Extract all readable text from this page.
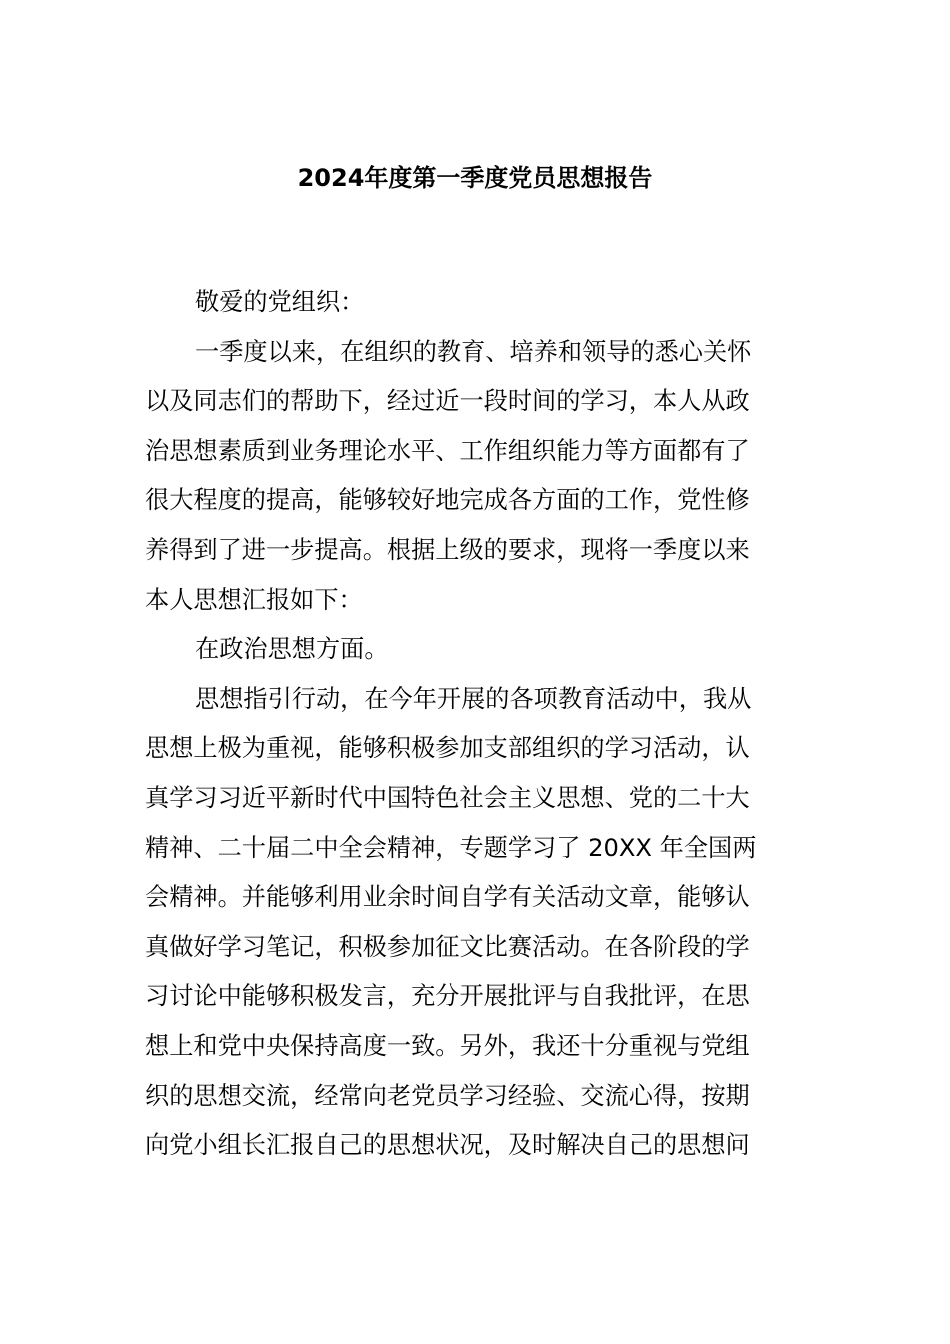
2024年度第一季度党员思想报告
敬爱的党组织：
一季度以来，在组织的教育、培养和领导的悉心关怀
以及同志们的帮助下，经过近一段时间的学习，本人从政
治思想素质到业务理论水平、工作组织能力等方面都有了
很大程度的提高，能够较好地完成各方面的工作，党性修
养得到了进一步提高。根据上级的要求，现将一季度以来
本人思想汇报如下：
在政治思想方面。
思想指引行动，在今年开展的各项教育活动中，我从
思想上极为重视，能够积极参加支部组织的学习活动，认
真学习习近平新时代中国特色社会主义思想、党的二十大
精神、二十届二中全会精神，专题学习了 20XX 年全国两
会精神。并能够利用业余时间自学有关活动文章，能够认
真做好学习笔记，积极参加征文比赛活动。在各阶段的学
习讨论中能够积极发言，充分开展批评与自我批评，在思
想上和党中央保持高度一致。另外，我还十分重视与党组
织的思想交流，经常向老党员学习经验、交流心得，按期
向党小组长汇报自己的思想状况，及时解决自己的思想问
